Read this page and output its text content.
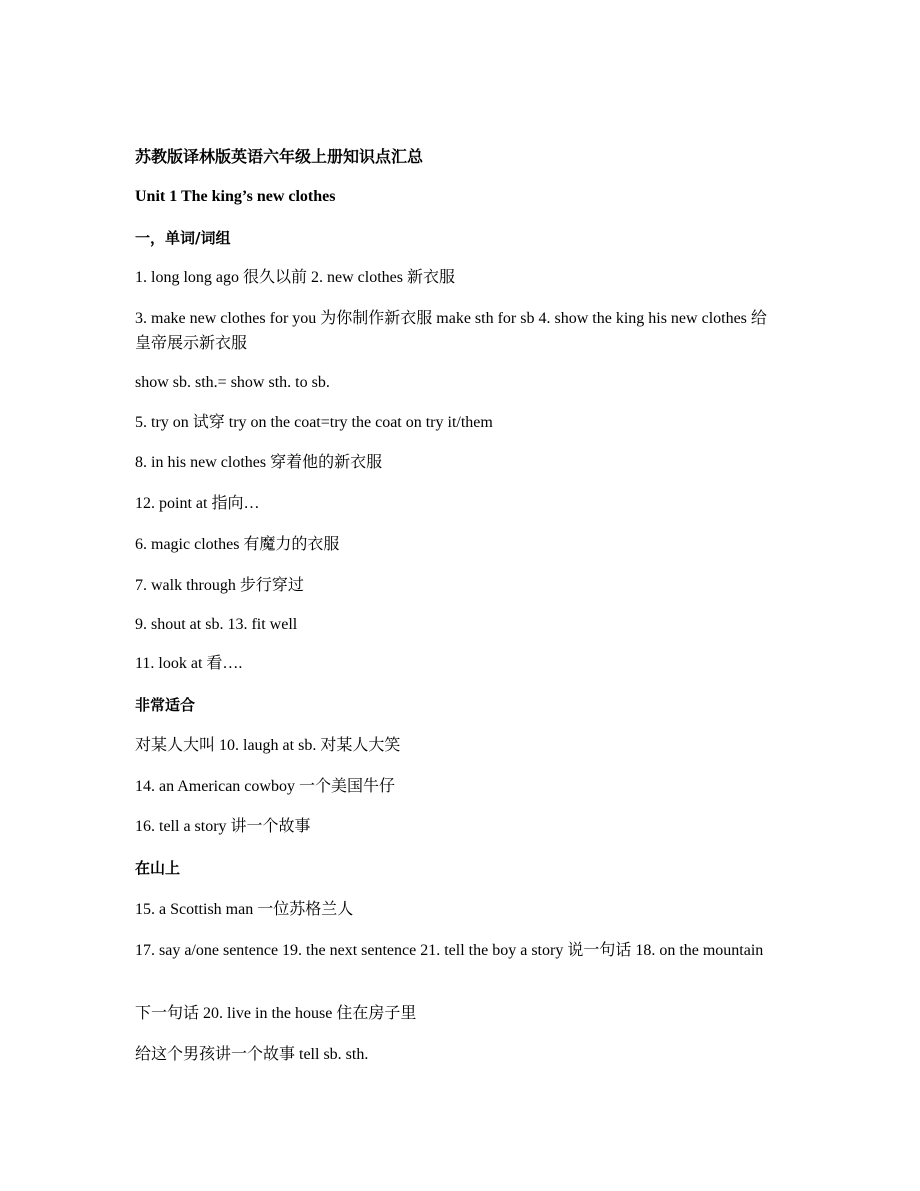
苏教版译林版英语六年级上册知识点汇总
Unit 1 The king’s new clothes
一，单词/词组
1. long long ago 很久以前 2. new clothes 新衣服
3. make new clothes for you 为你制作新衣服 make sth for sb 4. show the king his new clothes 给皇帝展示新衣服
show sb. sth.= show sth. to sb.
5. try on 试穿 try on the coat=try the coat on try it/them
8. in his new clothes 穿着他的新衣服
12. point at 指向…
6. magic clothes 有魔力的衣服
7. walk through 步行穿过
9. shout at sb. 13. fit well
11. look at 看….
非常适合
对某人大叫 10. laugh at sb. 对某人大笑
14. an American cowboy 一个美国牛仔
16. tell a story 讲一个故事
在山上
15. a Scottish man 一位苏格兰人
17. say a/one sentence 19. the next sentence 21. tell the boy a story 说一句话 18. on the mountain
下一句话 20. live in the house 住在房子里
给这个男孩讲一个故事 tell sb. sth.
